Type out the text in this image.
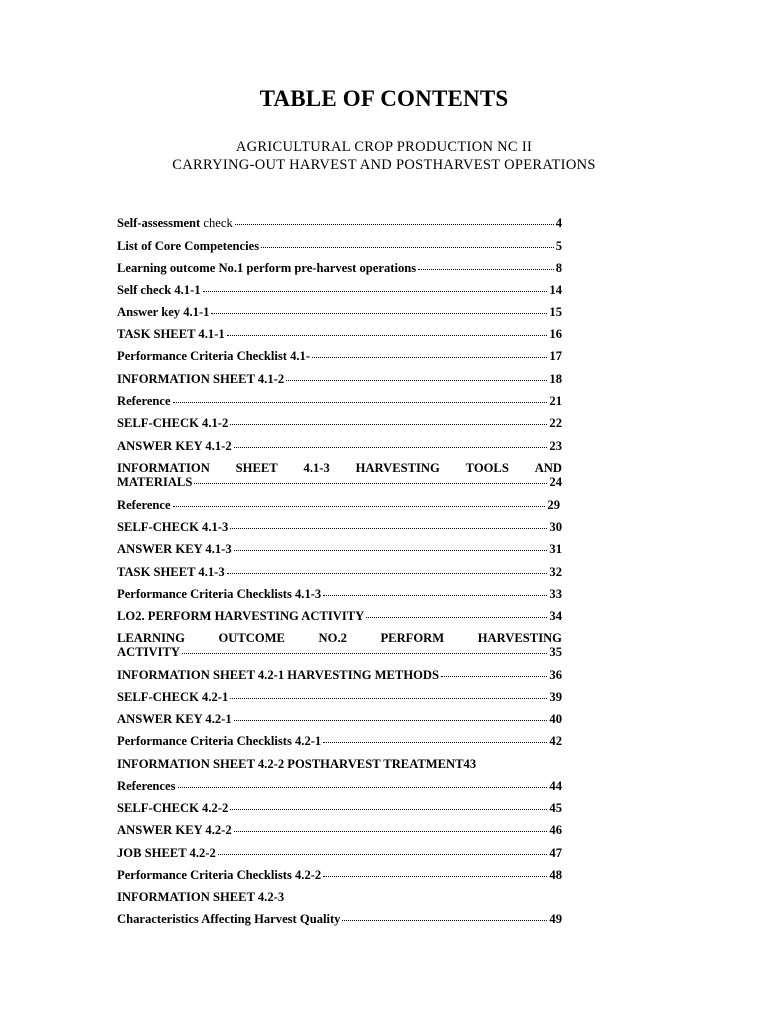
TABLE OF CONTENTS
AGRICULTURAL CROP PRODUCTION NC II
CARRYING-OUT HARVEST AND POSTHARVEST OPERATIONS
Self-assessment check	4
List of Core Competencies	5
Learning outcome No.1 perform pre-harvest operations	8
Self check 4.1-1	14
Answer key 4.1-1	15
TASK SHEET 4.1-1	16
Performance Criteria Checklist 4.1-	17
INFORMATION SHEET 4.1-2	18
Reference	21
SELF-CHECK 4.1-2	22
ANSWER KEY 4.1-2	23
INFORMATION SHEET 4.1-3 HARVESTING TOOLS AND
MATERIALS	24
Reference	29
SELF-CHECK 4.1-3	30
ANSWER KEY 4.1-3	31
TASK SHEET 4.1-3	32
Performance Criteria Checklists 4.1-3	33
LO2. PERFORM HARVESTING ACTIVITY	34
LEARNING	OUTCOME	NO.2	PERFORM	HARVESTING
ACTIVITY	35
INFORMATION SHEET 4.2-1 HARVESTING METHODS	36
SELF-CHECK 4.2-1	39
ANSWER KEY 4.2-1	40
Performance Criteria Checklists 4.2-1	42
INFORMATION SHEET 4.2-2 POSTHARVEST TREATMENT 43
References	44
SELF-CHECK 4.2-2	45
ANSWER KEY 4.2-2	46
JOB SHEET 4.2-2	47
Performance Criteria Checklists 4.2-2	48
INFORMATION SHEET 4.2-3
Characteristics Affecting Harvest Quality	49
